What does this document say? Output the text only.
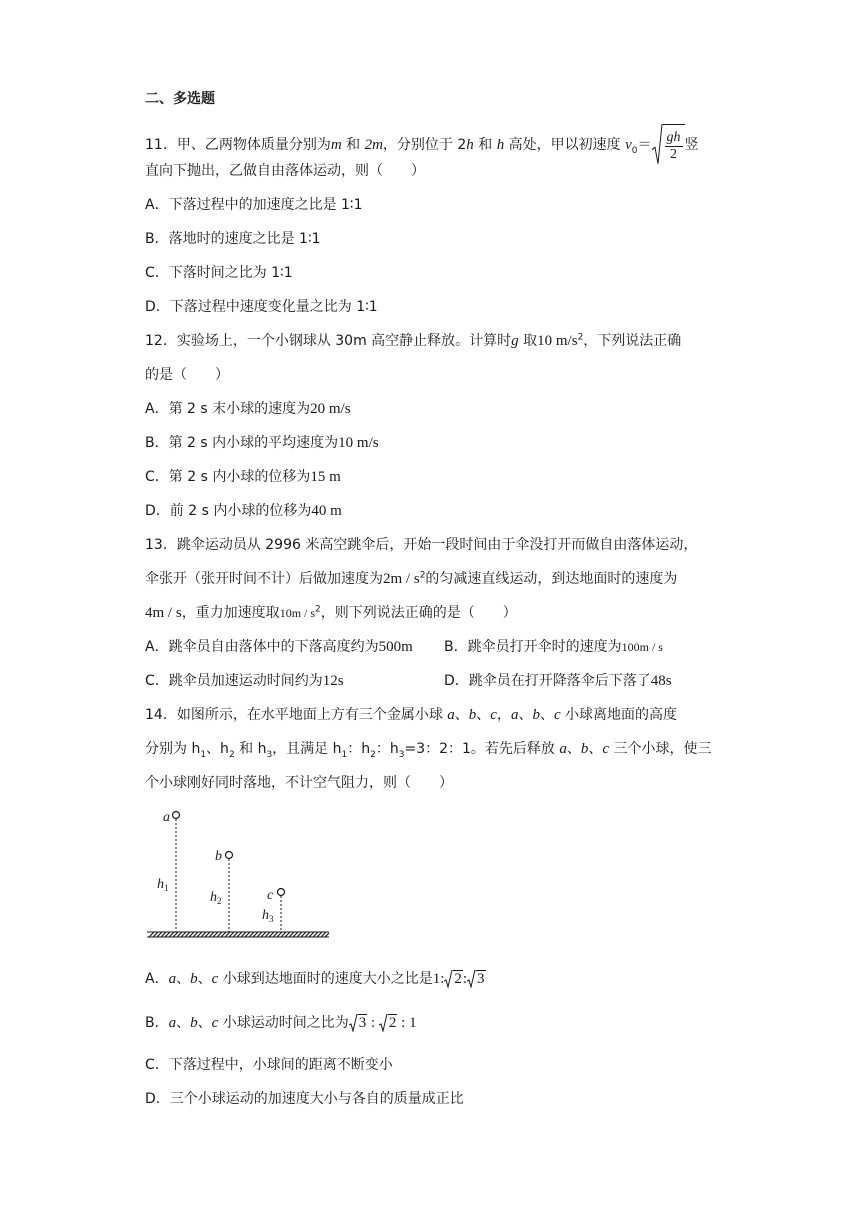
二、多选题
11．甲、乙两物体质量分别为m 和 2m，分别位于 2h 和 h 高处，甲以初速度 $v_0= \frac{gh}{2}$ 竖
直向下抛出，乙做自由落体运动，则（　　）
A．下落过程中的加速度之比是 1∶1
B．落地时的速度之比是 1∶1
C．下落时间之比为 1∶1
D．下落过程中速度变化量之比为 1∶1
12．实验场上，一个小钢球从 30m 高空静止释放。计算时g 取10 $m/s^2$，下列说法正确
的是（　　）
A．第 2 s 末小球的速度为20 m/s
B．第 2 s 内小球的平均速度为10 m/s
C．第 2 s 内小球的位移为15 m
D．前 2 s 内小球的位移为40 m
13．跳伞运动员从 2996 米高空跳伞后，开始一段时间由于伞没打开而做自由落体运动，
伞张开（张开时间不计）后做加速度为$2m / s^2$的匀减速直线运动，到达地面时的速度为
4m / s，重力加速度取$10m / s^2$，则下列说法正确的是（　　）
A．跳伞员自由落体中的下落高度约为500m B．跳伞员打开伞时的速度为100m / s
C．跳伞员加速运动时间约为12s	D．跳伞员在打开降落伞后下落了48s
14．如图所示，在水平地面上方有三个金属小球 a、b、c，a、b、c 小球离地面的高度
分别为 $h_1$、$h_2$ 和 $h_3$，且满足 $h_1$：$h_2$：$h_3=3$：2：1。若先后释放 a、b、c 三个小球，使三
个小球刚好同时落地，不计空气阻力，则（　　）
a
b
c
$h_1$
$h_2$
$h_3$
A．a、b、c 小球到达地面时的速度大小之比是1: 2: 3
B．a、b、c 小球运动时间之比为 3 :
2 : 1
C．下落过程中，小球间的距离不断变小
D．三个小球运动的加速度大小与各自的质量成正比
